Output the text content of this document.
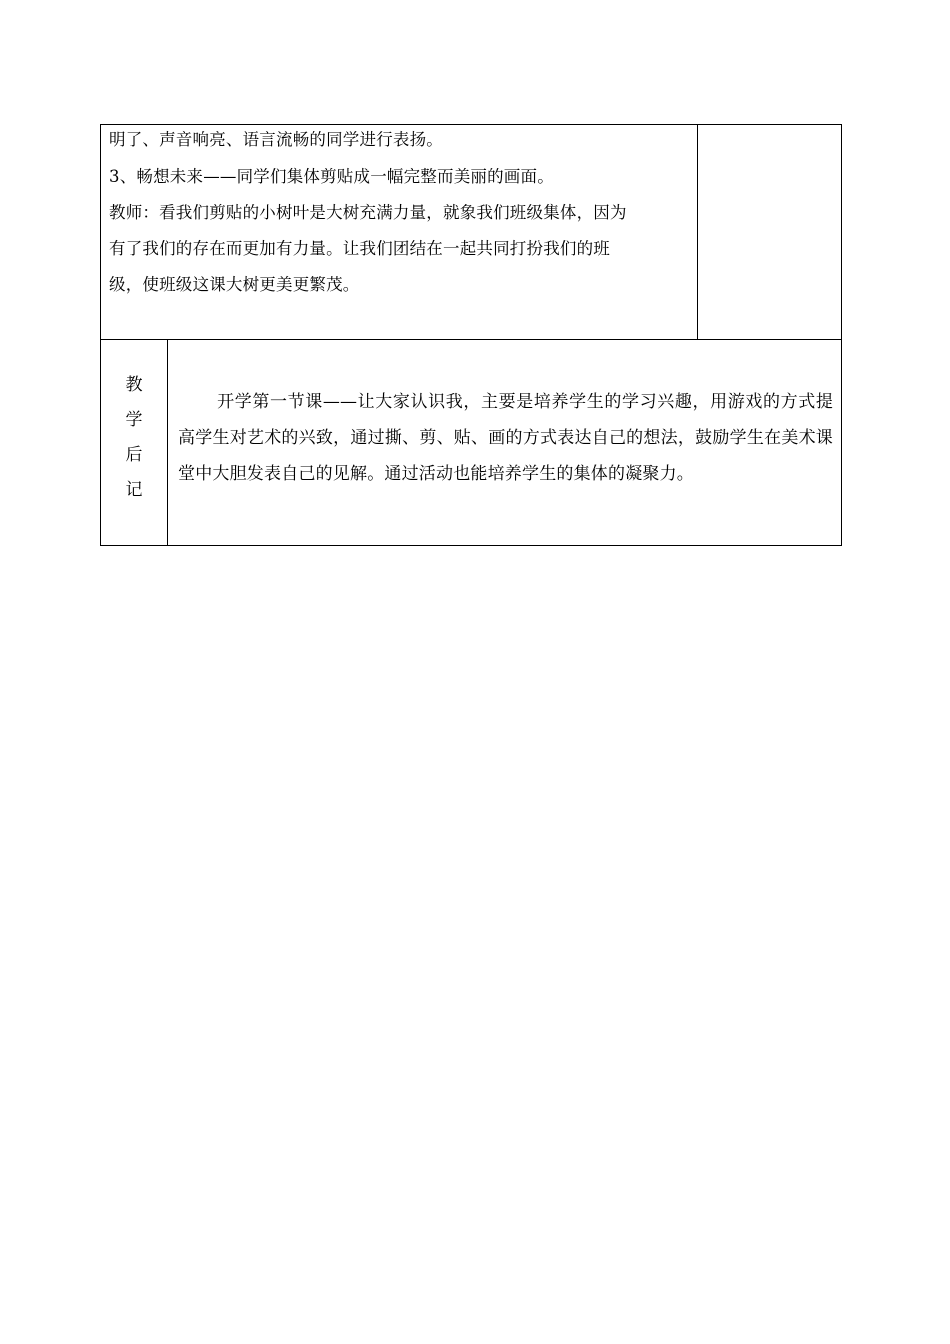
明了、声音响亮、语言流畅的同学进行表扬。

3、畅想未来——同学们集体剪贴成一幅完整而美丽的画面。

教师：看我们剪贴的小树叶是大树充满力量，就象我们班级集体，因为

有了我们的存在而更加有力量。让我们团结在一起共同打扮我们的班

级，使班级这课大树更美更繁茂。		

教
学
后
记	开学第一节课——让大家认识我，主要是培养学生的学习兴趣，用游戏的方式提高学生对艺术的兴致，通过撕、剪、贴、画的方式表达自己的想法，鼓励学生在美术课堂中大胆发表自己的见解。通过活动也能培养学生的集体的凝聚力。	
